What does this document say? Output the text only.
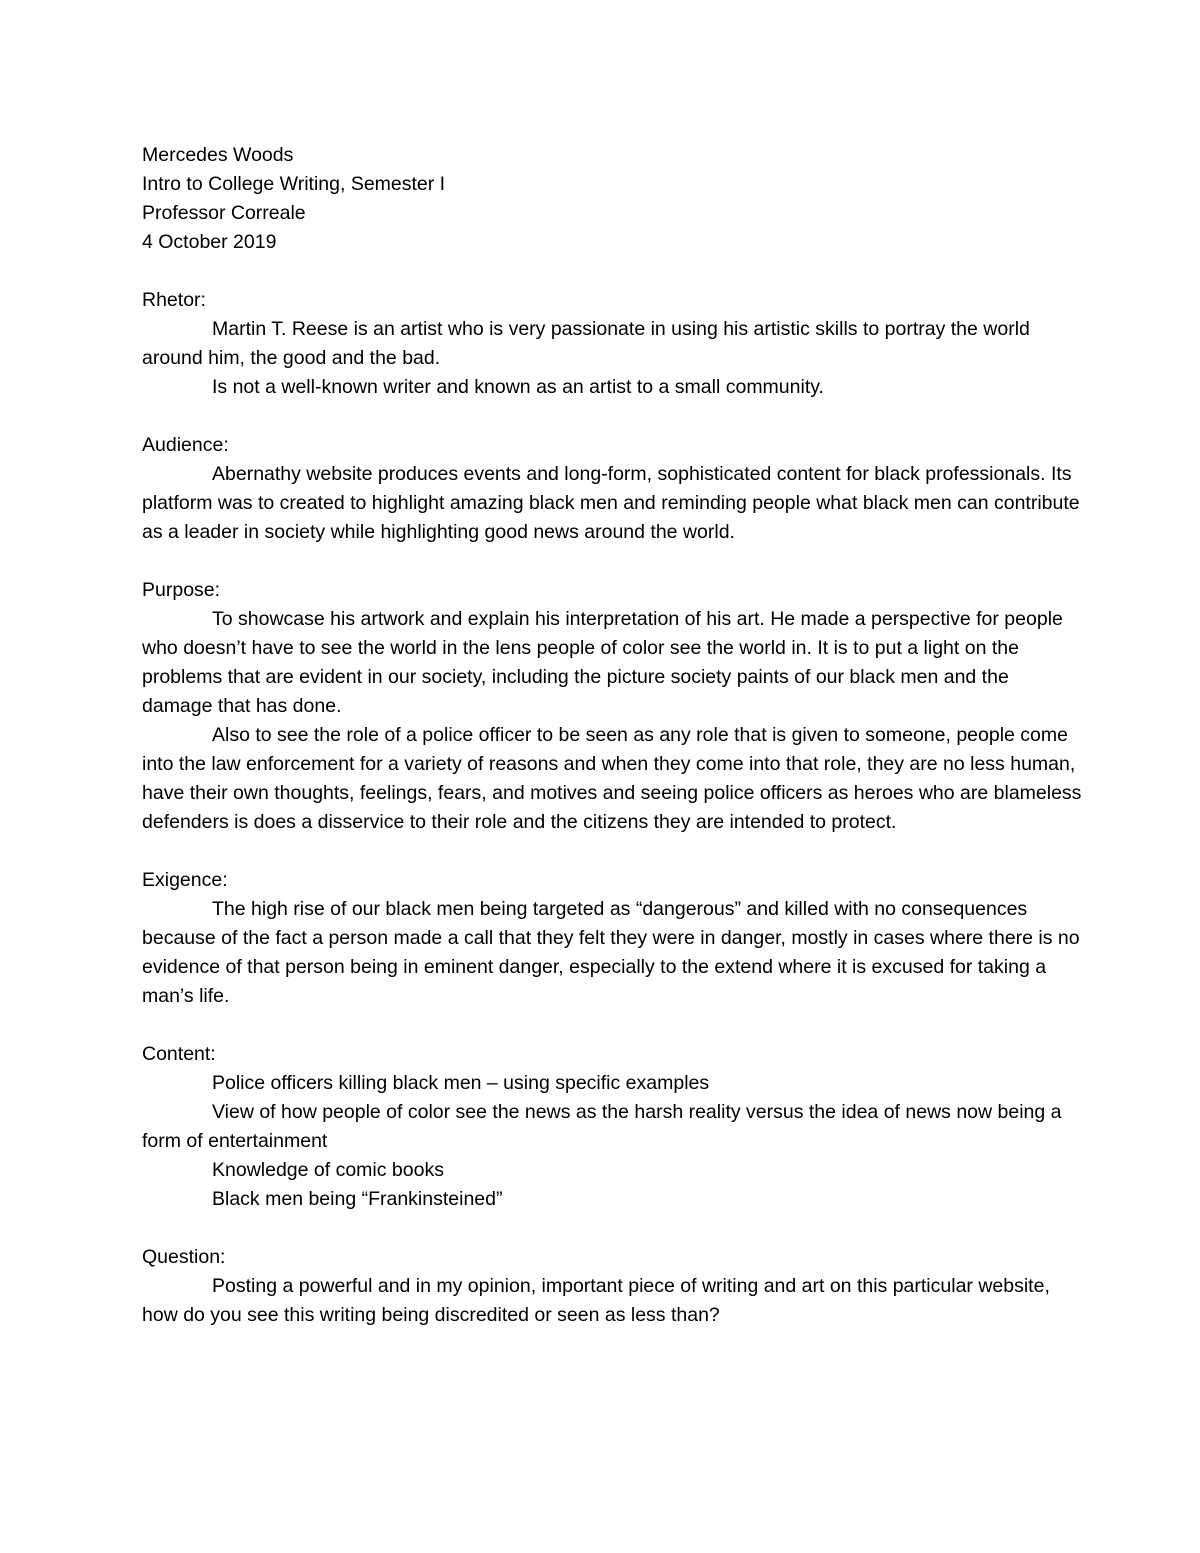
Mercedes Woods

Intro to College Writing, Semester I

Professor Correale

4 October 2019

Rhetor:

Martin T. Reese is an artist who is very passionate in using his artistic skills to portray the world around him, the good and the bad.

Is not a well-known writer and known as an artist to a small community.

Audience:

Abernathy website produces events and long-form, sophisticated content for black professionals. Its platform was to created to highlight amazing black men and reminding people what black men can contribute as a leader in society while highlighting good news around the world.

Purpose:

To showcase his artwork and explain his interpretation of his art. He made a perspective for people who doesn’t have to see the world in the lens people of color see the world in. It is to put a light on the problems that are evident in our society, including the picture society paints of our black men and the damage that has done.

Also to see the role of a police officer to be seen as any role that is given to someone, people come into the law enforcement for a variety of reasons and when they come into that role, they are no less human, have their own thoughts, feelings, fears, and motives and seeing police officers as heroes who are blameless defenders is does a disservice to their role and the citizens they are intended to protect.

Exigence:

The high rise of our black men being targeted as “dangerous” and killed with no consequences because of the fact a person made a call that they felt they were in danger, mostly in cases where there is no evidence of that person being in eminent danger, especially to the extend where it is excused for taking a man’s life.

Content:

Police officers killing black men – using specific examples

View of how people of color see the news as the harsh reality versus the idea of news now being a form of entertainment

Knowledge of comic books

Black men being “Frankinsteined”

Question:

Posting a powerful and in my opinion, important piece of writing and art on this particular website, how do you see this writing being discredited or seen as less than?
